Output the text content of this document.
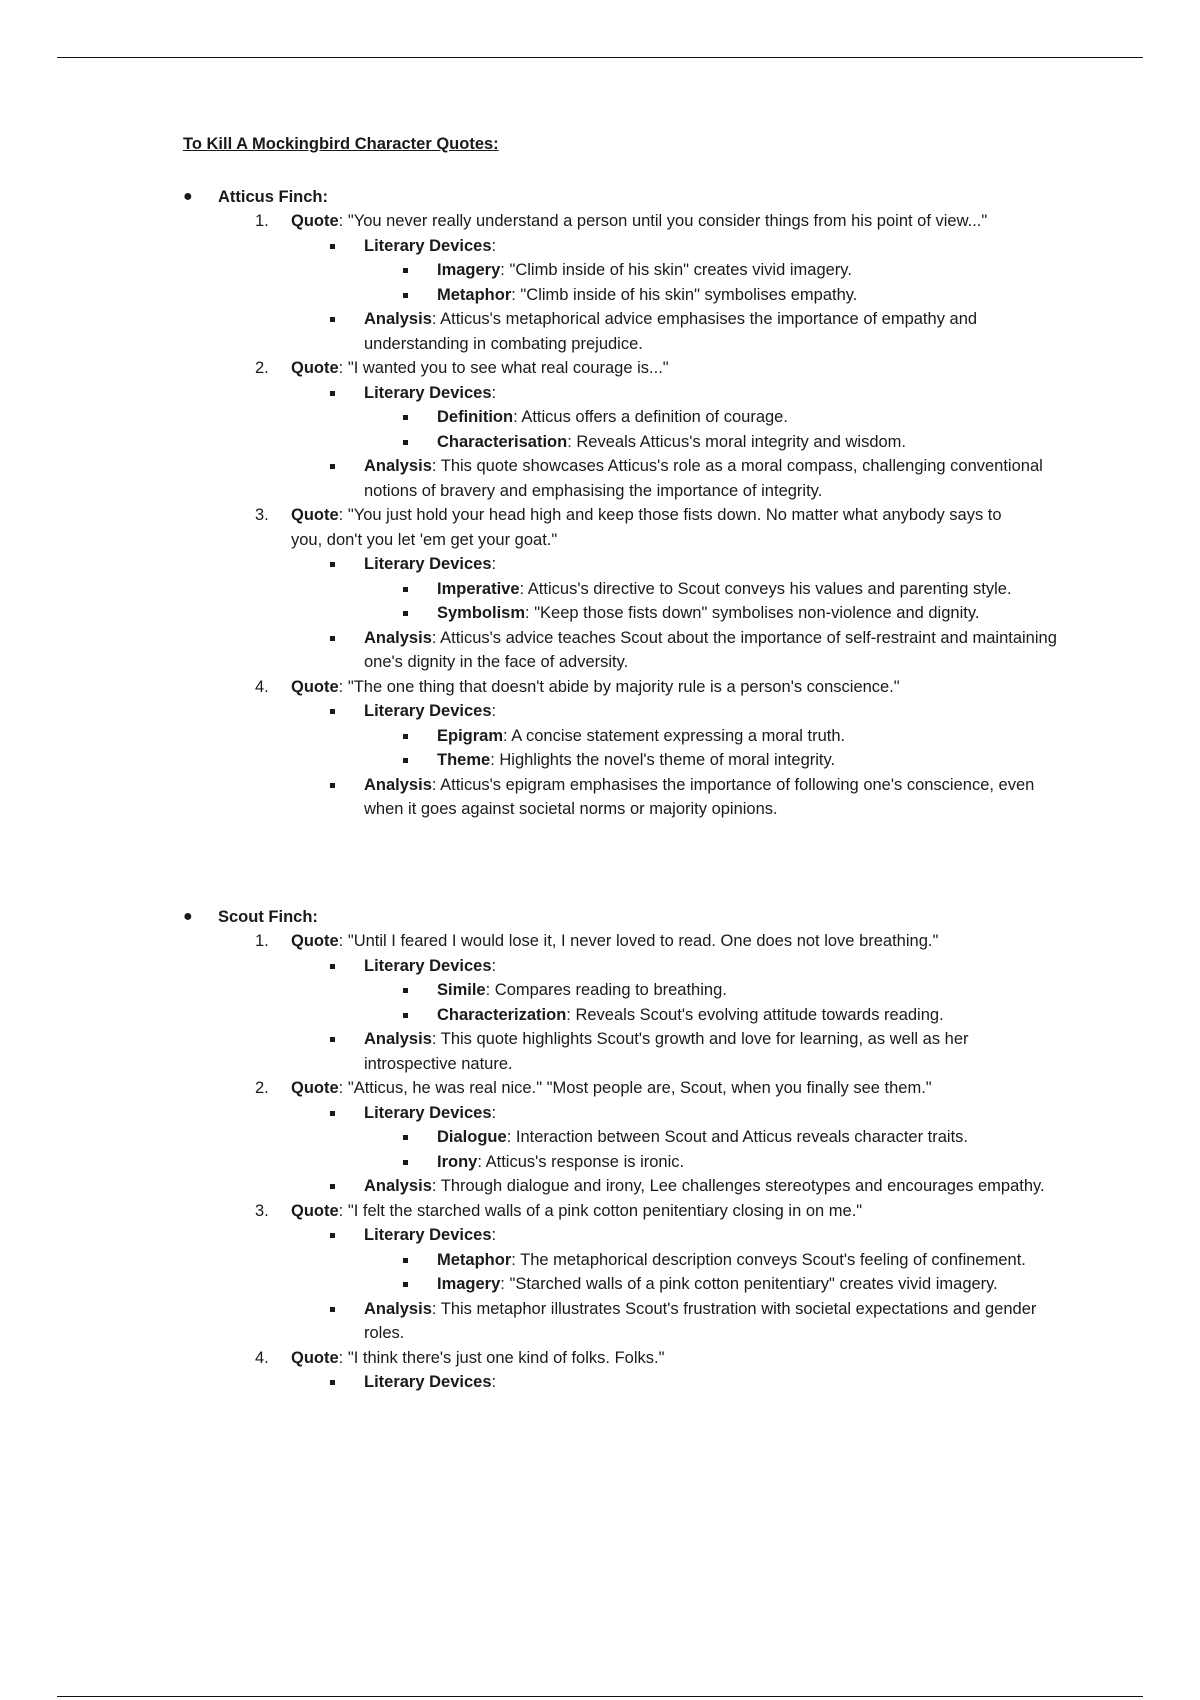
To Kill A Mockingbird Character Quotes:
● Atticus Finch:
1. Quote: "You never really understand a person until you consider things from his point of view..."
Literary Devices:
Imagery: "Climb inside of his skin" creates vivid imagery.
Metaphor: "Climb inside of his skin" symbolises empathy.
Analysis: Atticus's metaphorical advice emphasises the importance of empathy and understanding in combating prejudice.
2. Quote: "I wanted you to see what real courage is..."
Literary Devices:
Definition: Atticus offers a definition of courage.
Characterisation: Reveals Atticus's moral integrity and wisdom.
Analysis: This quote showcases Atticus's role as a moral compass, challenging conventional notions of bravery and emphasising the importance of integrity.
3. Quote: "You just hold your head high and keep those fists down. No matter what anybody says to you, don't you let 'em get your goat."
Literary Devices:
Imperative: Atticus's directive to Scout conveys his values and parenting style.
Symbolism: "Keep those fists down" symbolises non-violence and dignity.
Analysis: Atticus's advice teaches Scout about the importance of self-restraint and maintaining one's dignity in the face of adversity.
4. Quote: "The one thing that doesn't abide by majority rule is a person's conscience."
Literary Devices:
Epigram: A concise statement expressing a moral truth.
Theme: Highlights the novel's theme of moral integrity.
Analysis: Atticus's epigram emphasises the importance of following one's conscience, even when it goes against societal norms or majority opinions.
● Scout Finch:
1. Quote: "Until I feared I would lose it, I never loved to read. One does not love breathing."
Literary Devices:
Simile: Compares reading to breathing.
Characterization: Reveals Scout's evolving attitude towards reading.
Analysis: This quote highlights Scout's growth and love for learning, as well as her introspective nature.
2. Quote: "Atticus, he was real nice." "Most people are, Scout, when you finally see them."
Literary Devices:
Dialogue: Interaction between Scout and Atticus reveals character traits.
Irony: Atticus's response is ironic.
Analysis: Through dialogue and irony, Lee challenges stereotypes and encourages empathy.
3. Quote: "I felt the starched walls of a pink cotton penitentiary closing in on me."
Literary Devices:
Metaphor: The metaphorical description conveys Scout's feeling of confinement.
Imagery: "Starched walls of a pink cotton penitentiary" creates vivid imagery.
Analysis: This metaphor illustrates Scout's frustration with societal expectations and gender roles.
4. Quote: "I think there's just one kind of folks. Folks."
Literary Devices:
